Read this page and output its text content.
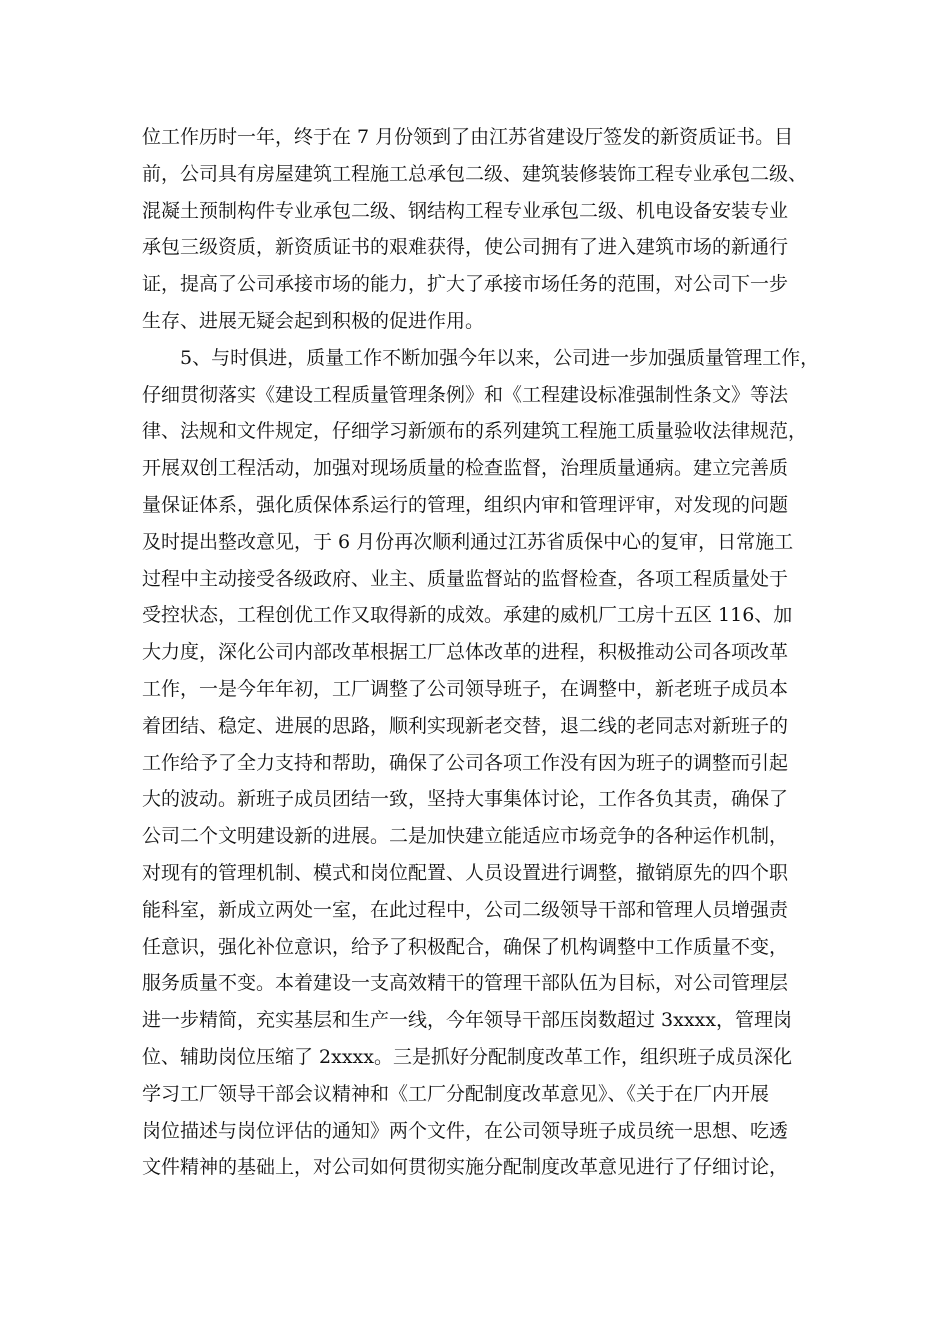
位工作历时一年，终于在 7 月份领到了由江苏省建设厅签发的新资质证书。目
前，公司具有房屋建筑工程施工总承包二级、建筑装修装饰工程专业承包二级、
混凝土预制构件专业承包二级、钢结构工程专业承包二级、机电设备安装专业
承包三级资质，新资质证书的艰难获得，使公司拥有了进入建筑市场的新通行
证，提高了公司承接市场的能力，扩大了承接市场任务的范围，对公司下一步
生存、进展无疑会起到积极的促进作用。
5、与时俱进，质量工作不断加强今年以来，公司进一步加强质量管理工作，
仔细贯彻落实《建设工程质量管理条例》和《工程建设标准强制性条文》等法
律、法规和文件规定，仔细学习新颁布的系列建筑工程施工质量验收法律规范，
开展双创工程活动，加强对现场质量的检查监督，治理质量通病。建立完善质
量保证体系，强化质保体系运行的管理，组织内审和管理评审，对发现的问题
及时提出整改意见，于 6 月份再次顺利通过江苏省质保中心的复审，日常施工
过程中主动接受各级政府、业主、质量监督站的监督检查，各项工程质量处于
受控状态，工程创优工作又取得新的成效。承建的威机厂工房十五区 116、加
大力度，深化公司内部改革根据工厂总体改革的进程，积极推动公司各项改革
工作，一是今年年初，工厂调整了公司领导班子，在调整中，新老班子成员本
着团结、稳定、进展的思路，顺利实现新老交替，退二线的老同志对新班子的
工作给予了全力支持和帮助，确保了公司各项工作没有因为班子的调整而引起
大的波动。新班子成员团结一致，坚持大事集体讨论，工作各负其责，确保了
公司二个文明建设新的进展。二是加快建立能适应市场竞争的各种运作机制，
对现有的管理机制、模式和岗位配置、人员设置进行调整，撤销原先的四个职
能科室，新成立两处一室，在此过程中，公司二级领导干部和管理人员增强责
任意识，强化补位意识，给予了积极配合，确保了机构调整中工作质量不变，
服务质量不变。本着建设一支高效精干的管理干部队伍为目标，对公司管理层
进一步精简，充实基层和生产一线，今年领导干部压岗数超过 3xxxx，管理岗
位、辅助岗位压缩了 2xxxx。三是抓好分配制度改革工作，组织班子成员深化
学习工厂领导干部会议精神和《工厂分配制度改革意见》、《关于在厂内开展
岗位描述与岗位评估的通知》两个文件，在公司领导班子成员统一思想、吃透
文件精神的基础上，对公司如何贯彻实施分配制度改革意见进行了仔细讨论，
